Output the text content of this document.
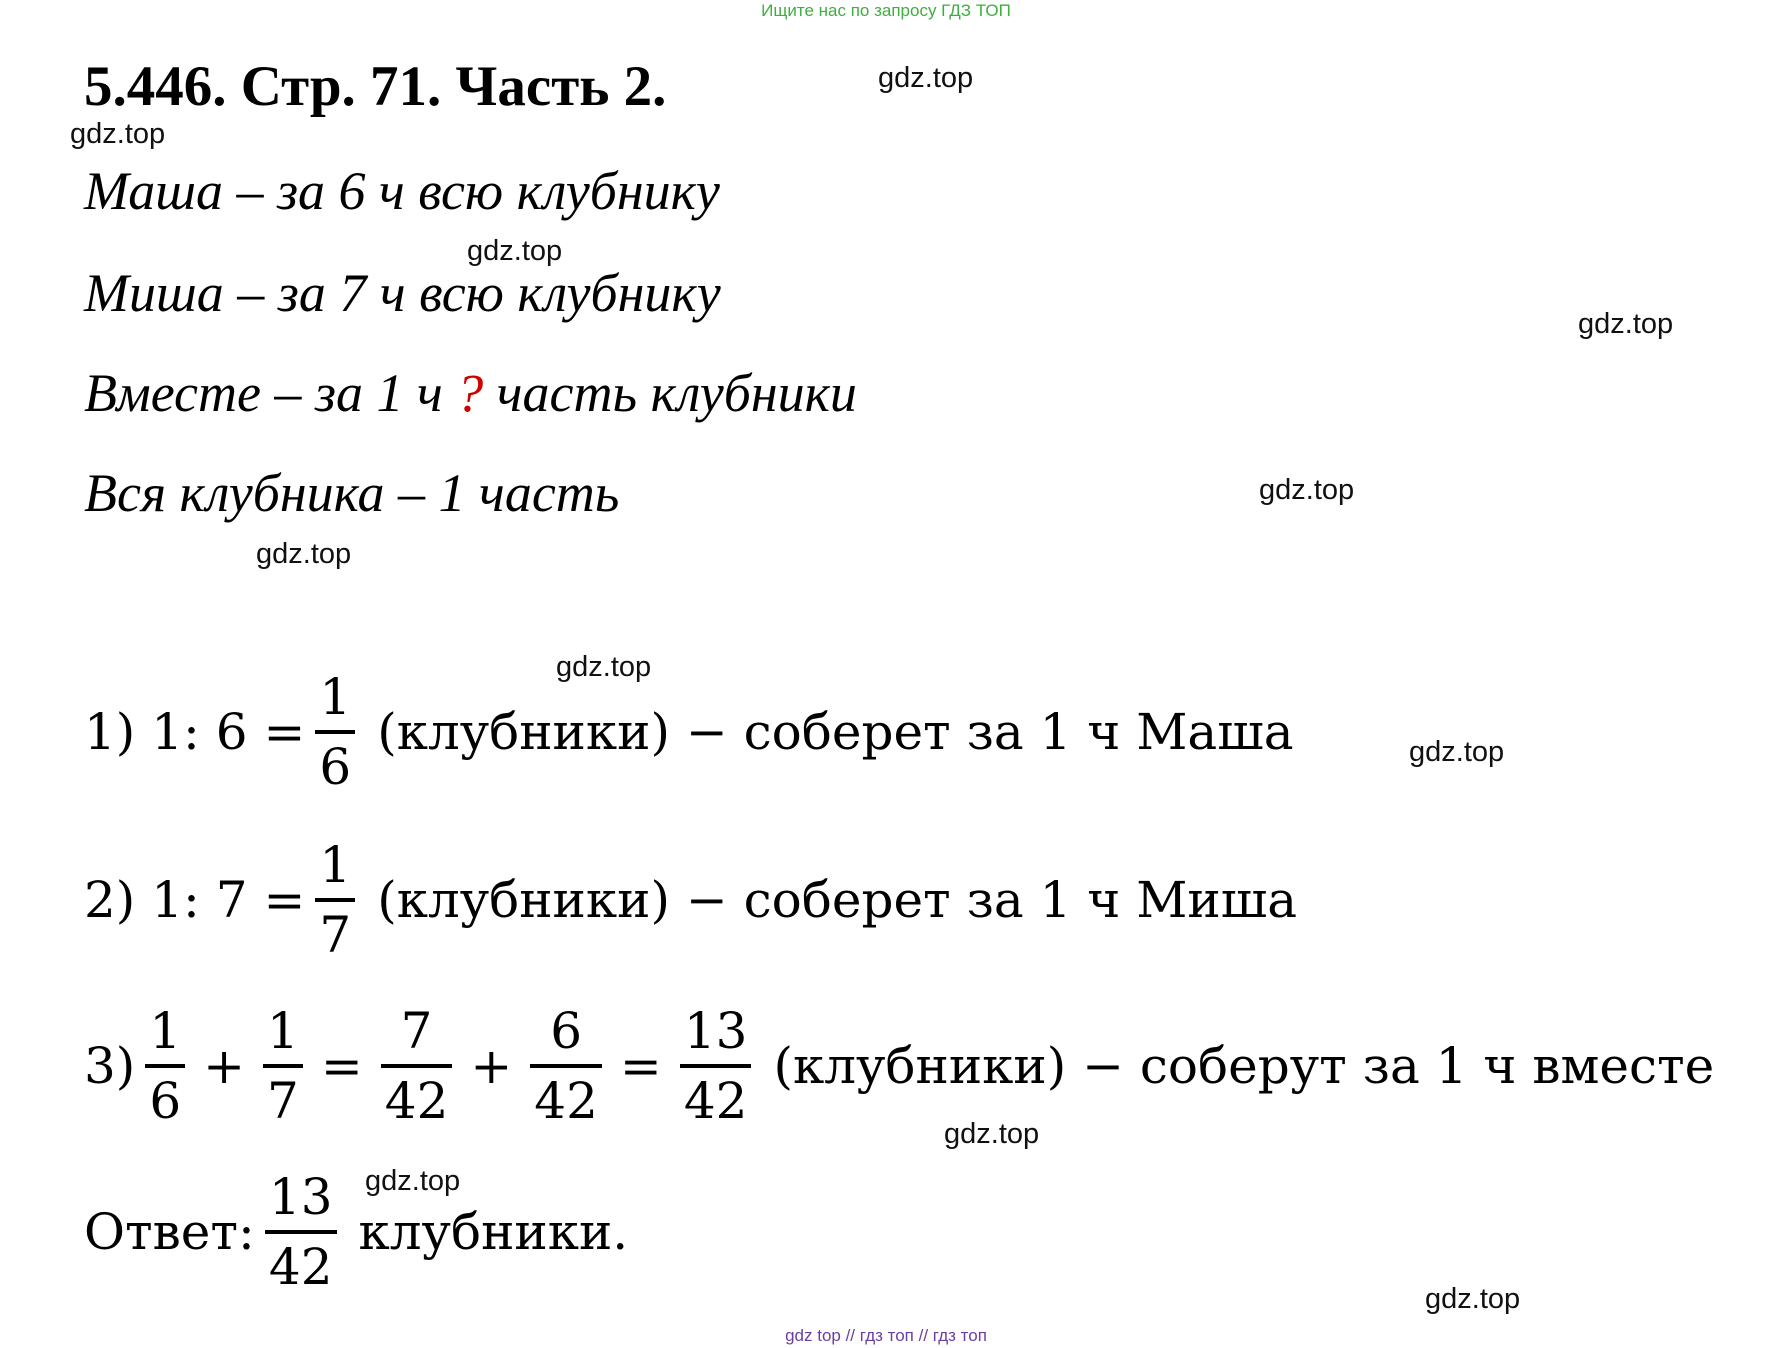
Ищите нас по запросу ГДЗ ТОП
5.446. Стр. 71. Часть 2.	gdz.top
gdz.top
gdz.top
gdz.top
gdz.top
gdz.top
gdz.top
gdz.top
gdz.top
gdz.top
gdz.top
Маша – за 6 ч всю клубнику
Миша – за 7 ч всю клубнику
Вместе – за 1 ч ? часть клубники
Вся клубника – 1 часть
1) 1: $6 = \frac{1}{6}$ (клубники) − соберет за 1 ч Маша
2) 1: $7 = \frac{1}{7}$ (клубники) − соберет за 1 ч Миша
$3) \frac{1}{6} + \frac{1}{7} = \frac{7}{42} + \frac{6}{42} = \frac{13}{42}$ (клубники) − соберут за 1 ч вместе
Ответ: $\frac{13}{42}$ клубники.
gdz top // гдз топ // гдз топ
